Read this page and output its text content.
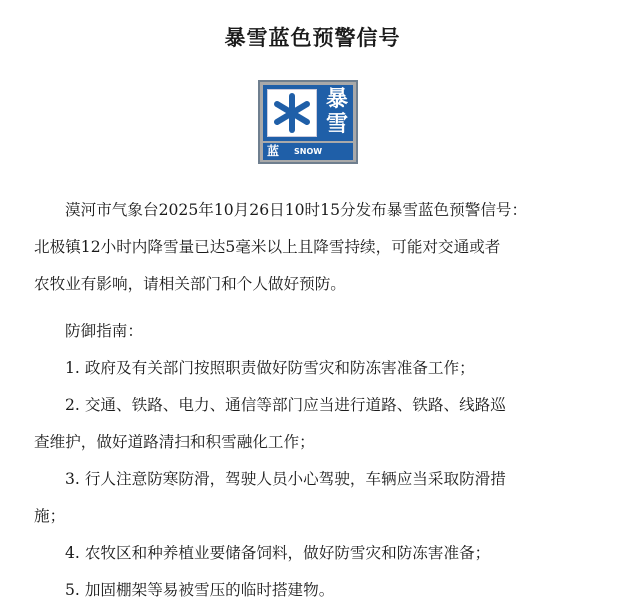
暴雪蓝色预警信号
暴
雪
蓝 SNOW STORM
漠河市气象台2025年10月26日10时15分发布暴雪蓝色预警信号：
北极镇12小时内降雪量已达5毫米以上且降雪持续，可能对交通或者
农牧业有影响，请相关部门和个人做好预防。
防御指南：
1. 政府及有关部门按照职责做好防雪灾和防冻害准备工作；
2. 交通、铁路、电力、通信等部门应当进行道路、铁路、线路巡
查维护，做好道路清扫和积雪融化工作；
3. 行人注意防寒防滑，驾驶人员小心驾驶，车辆应当采取防滑措
施；
4. 农牧区和种养植业要储备饲料，做好防雪灾和防冻害准备；
5. 加固棚架等易被雪压的临时搭建物。
